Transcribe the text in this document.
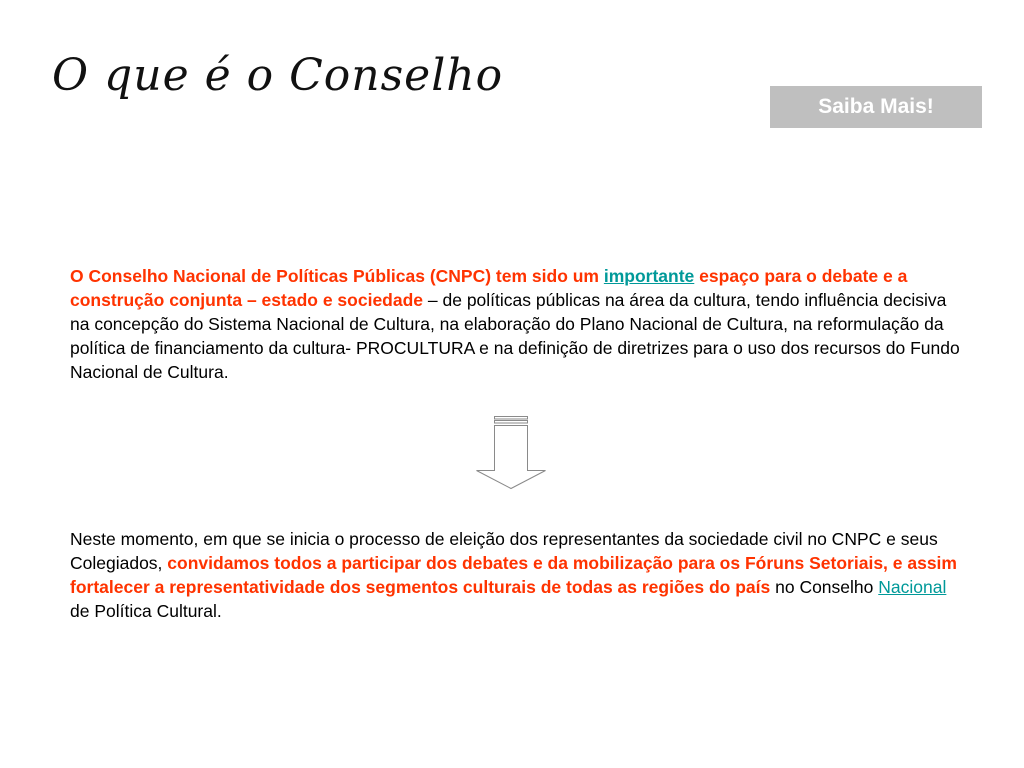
O que é o Conselho
Saiba Mais!

O Conselho Nacional de Políticas Públicas (CNPC) tem sido um importante espaço para o debate e a construção conjunta – estado e sociedade – de políticas públicas na área da cultura, tendo influência decisiva na concepção do Sistema Nacional de Cultura, na elaboração do Plano Nacional de Cultura, na reformulação da política de financiamento da cultura- PROCULTURA e na definição de diretrizes para o uso dos recursos do Fundo Nacional de Cultura.

Neste momento, em que se inicia o processo de eleição dos representantes da sociedade civil no CNPC e seus Colegiados, convidamos todos a participar dos debates e da mobilização para os Fóruns Setoriais, e assim fortalecer a representatividade dos segmentos culturais de todas as regiões do país no Conselho Nacional de Política Cultural.
